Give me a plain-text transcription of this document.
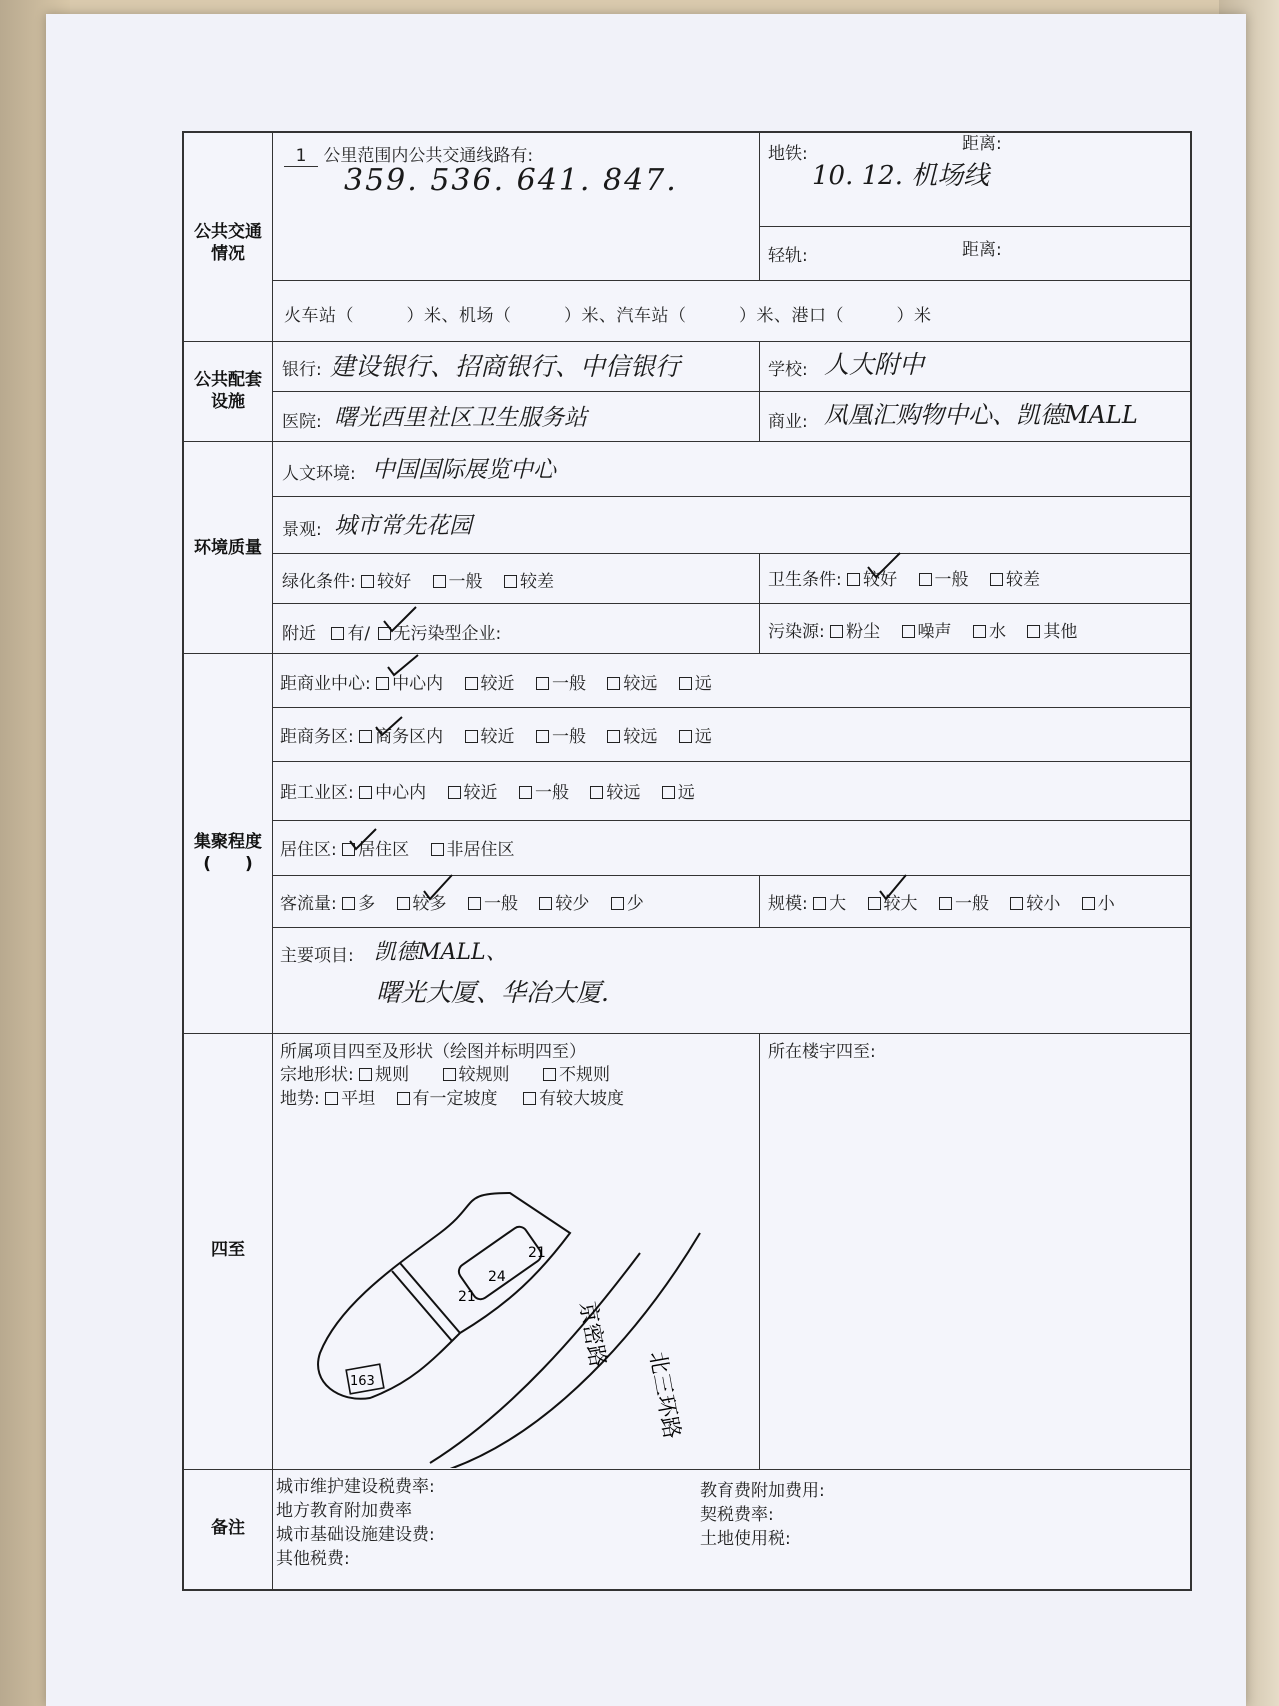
公共交通情况
1 公里范围内公共交通线路有:
359. 536. 641. 847.
地铁:	距离:
10. 12. 机场线
轻轨:	距离:
火车站（　　　）米、机场（　　　）米、汽车站（　　　）米、港口（　　　）米
公共配套设施
银行: 建设银行、招商银行、中信银行	学校: 人大附中
医院: 曙光西里社区卫生服务站	商业: 凤凰汇购物中心、凯德MALL
环境质量
人文环境: 中国国际展览中心
景观: 城市常先花园
绿化条件: 较好 一般 较差	卫生条件: 较好 一般 较差
附近 有/ 无污染型企业:	污染源: 粉尘 噪声 水 其他
集聚程度
(　　)
距商业中心: 中心内 较近 一般 较远 远
距商务区: 商务区内 较近 一般 较远 远
距工业区: 中心内 较近 一般 较远 远
居住区: 居住区 非居住区
客流量: 多 较多 一般 较少 少	规模: 大 较大 一般 较小 小
主要项目: 凯德MALL、
曙光大厦、华冶大厦.
四至
所属项目四至及形状（绘图并标明四至）
宗地形状: 规则	较规则	不规则
地势: 平坦 有一定坡度 有较大坡度
所在楼宇四至:
21
24
21
163
京密路
北三环路
备注
城市维护建设税费率:
地方教育附加费率
城市基础设施建设费:
其他税费:
教育费附加费用:
契税费率:
土地使用税:
